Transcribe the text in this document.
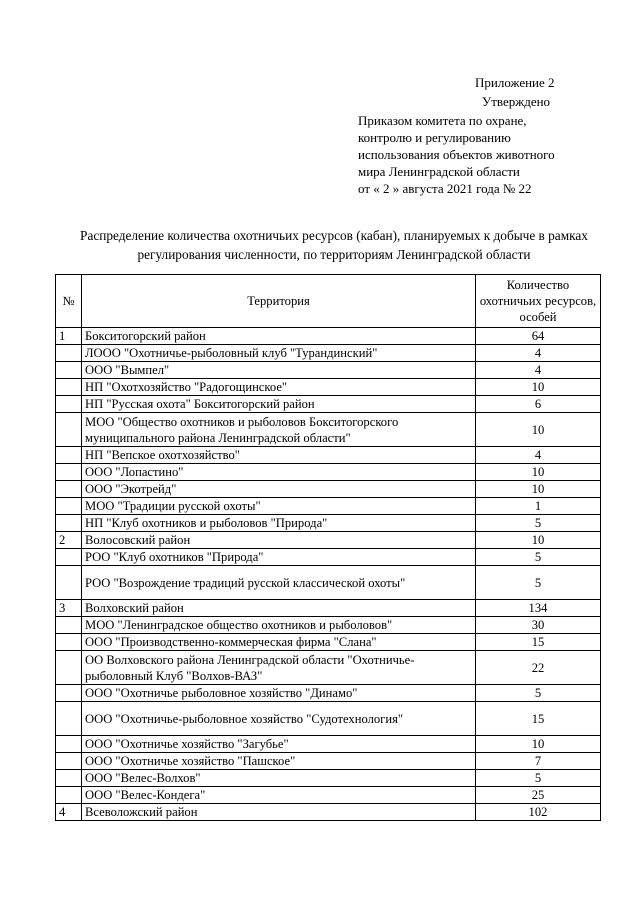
Приложение 2
Утверждено
Приказом комитета по охране,
контролю и регулированию
использования объектов животного
мира Ленинградской области
от « 2 » августа 2021 года № 22
Распределение количества охотничьих ресурсов (кабан), планируемых к добыче в рамках регулирования численности, по территориям Ленинградской области
№	Территория	Количество охотничьих ресурсов, особей
1	Бокситогорский район	64
	ЛООО "Охотничье-рыболовный клуб "Турандинский"	4
	ООО "Вымпел"	4
	НП "Охотхозяйство "Радогощинское"	10
	НП "Русская охота" Бокситогорский район	6
	МОО "Общество охотников и рыболовов Бокситогорского муниципального района Ленинградской области"	10
	НП "Вепское охотхозяйство"	4
	ООО "Лопастино"	10
	ООО "Экотрейд"	10
	МОО "Традиции русской охоты"	1
	НП "Клуб охотников и рыболовов "Природа"	5
2	Волосовский район	10
	РОО "Клуб охотников "Природа"	5
	РОО "Возрождение традиций русской классической охоты"	5
3	Волховский район	134
	МОО "Ленинградское общество охотников и рыболовов"	30
	ООО "Производственно-коммерческая фирма "Слана"	15
	ОО Волховского района Ленинградской области "Охотничье-рыболовный Клуб "Волхов-ВАЗ"	22
	ООО "Охотничье рыболовное хозяйство "Динамо"	5
	ООО "Охотничье-рыболовное хозяйство "Судотехнология"	15
	ООО "Охотничье хозяйство "Загубье"	10
	ООО "Охотничье хозяйство "Пашское"	7
	ООО "Велес-Волхов"	5
	ООО "Велес-Кондега"	25
4	Всеволожский район	102
